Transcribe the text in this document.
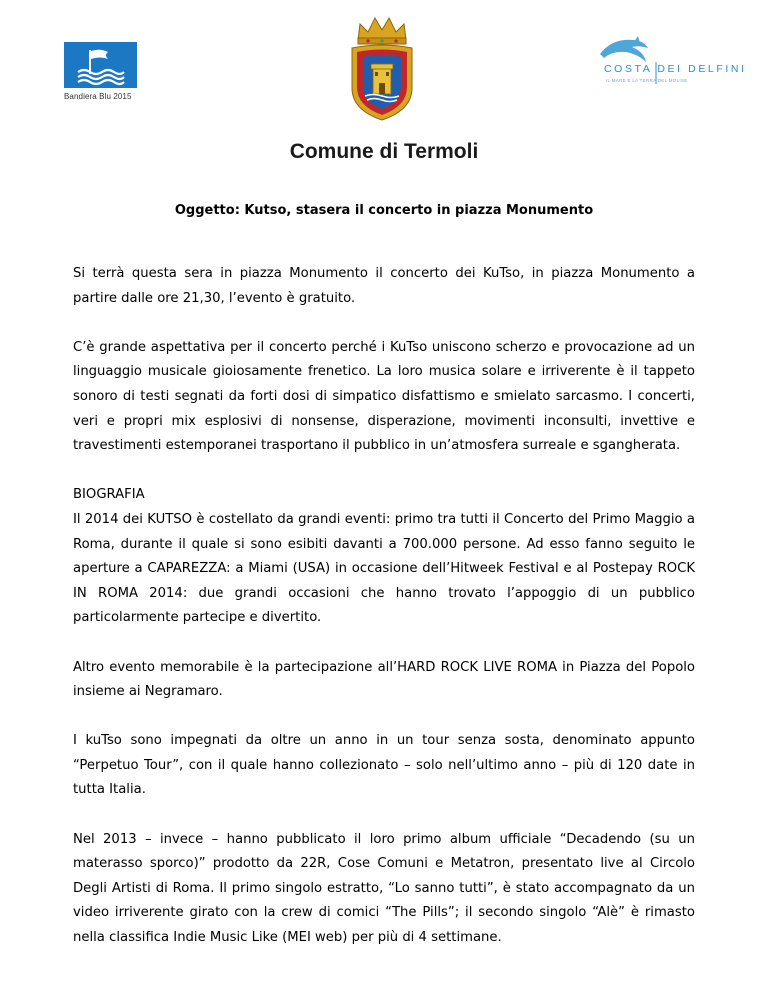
Bandiera Blu 2015
COSTA DEI DELFINI
IL MARE E LA TERRA DEL MOLISE
Comune di Termoli
Oggetto: Kutso, stasera il concerto in piazza Monumento

Si terrà questa sera in piazza Monumento il concerto dei KuTso, in piazza Monumento a partire dalle ore 21,30, l’evento è gratuito.

C’è grande aspettativa per il concerto perché i KuTso uniscono scherzo e provocazione ad un linguaggio musicale gioiosamente frenetico. La loro musica solare e irriverente è il tappeto sonoro di testi segnati da forti dosi di simpatico disfattismo e smielato sarcasmo. I concerti, veri e propri mix esplosivi di nonsense, disperazione, movimenti inconsulti, invettive e travestimenti estemporanei trasportano il pubblico in un’atmosfera surreale e sgangherata.

BIOGRAFIA

Il 2014 dei KUTSO è costellato da grandi eventi: primo tra tutti il Concerto del Primo Maggio a Roma, durante il quale si sono esibiti davanti a 700.000 persone. Ad esso fanno seguito le aperture a CAPAREZZA: a Miami (USA) in occasione dell’Hitweek Festival e al Postepay ROCK IN ROMA 2014: due grandi occasioni che hanno trovato l’appoggio di un pubblico particolarmente partecipe e divertito.

Altro evento memorabile è la partecipazione all’HARD ROCK LIVE ROMA in Piazza del Popolo insieme ai Negramaro.

I kuTso sono impegnati da oltre un anno in un tour senza sosta, denominato appunto “Perpetuo Tour”, con il quale hanno collezionato – solo nell’ultimo anno – più di 120 date in tutta Italia.

Nel 2013 – invece – hanno pubblicato il loro primo album ufficiale “Decadendo (su un materasso sporco)” prodotto da 22R, Cose Comuni e Metatron, presentato live al Circolo Degli Artisti di Roma. Il primo singolo estratto, “Lo sanno tutti”, è stato accompagnato da un video irriverente girato con la crew di comici “The Pills”; il secondo singolo “Alè” è rimasto nella classifica Indie Music Like (MEI web) per più di 4 settimane.
